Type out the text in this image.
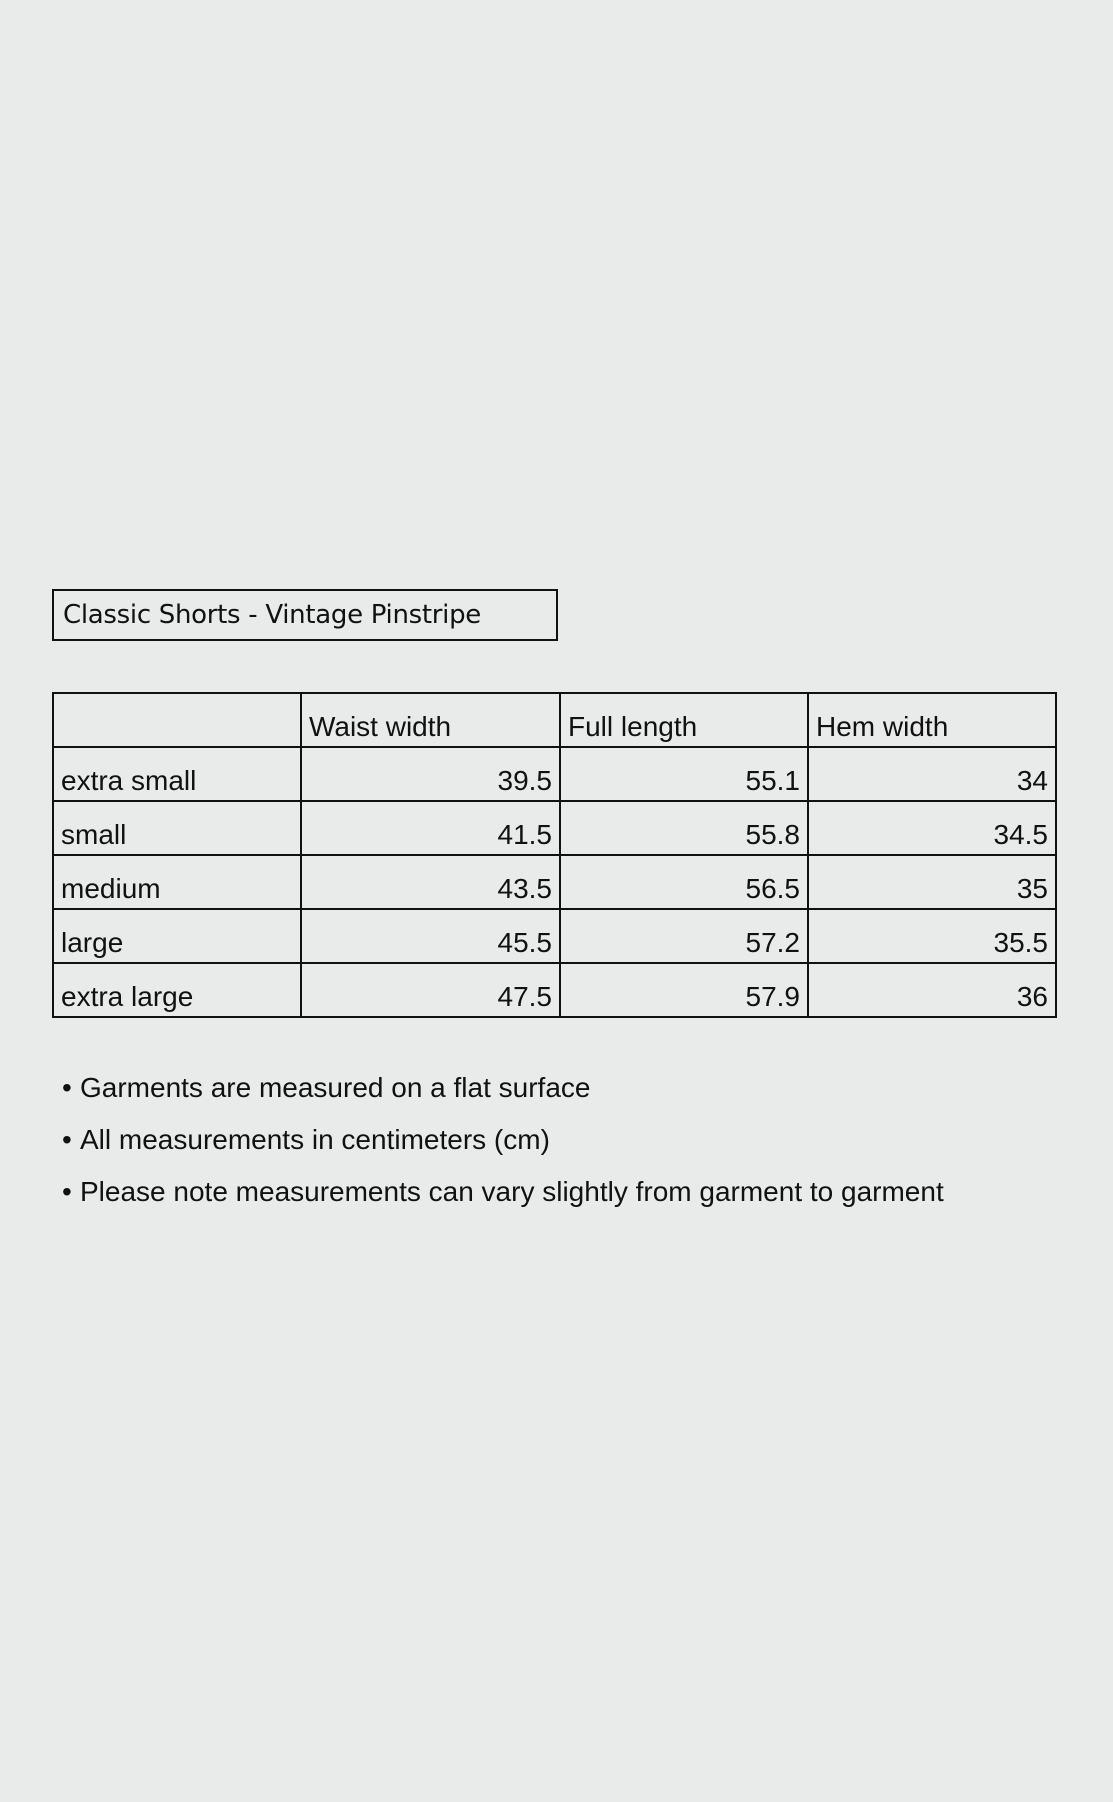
Classic Shorts - Vintage Pinstripe
	Waist width	Full length	Hem width
extra small	39.5	55.1	34
small	41.5	55.8	34.5
medium	43.5	56.5	35
large	45.5	57.2	35.5
extra large	47.5	57.9	36
• Garments are measured on a flat surface
• All measurements in centimeters (cm)
• Please note measurements can vary slightly from garment to garment
